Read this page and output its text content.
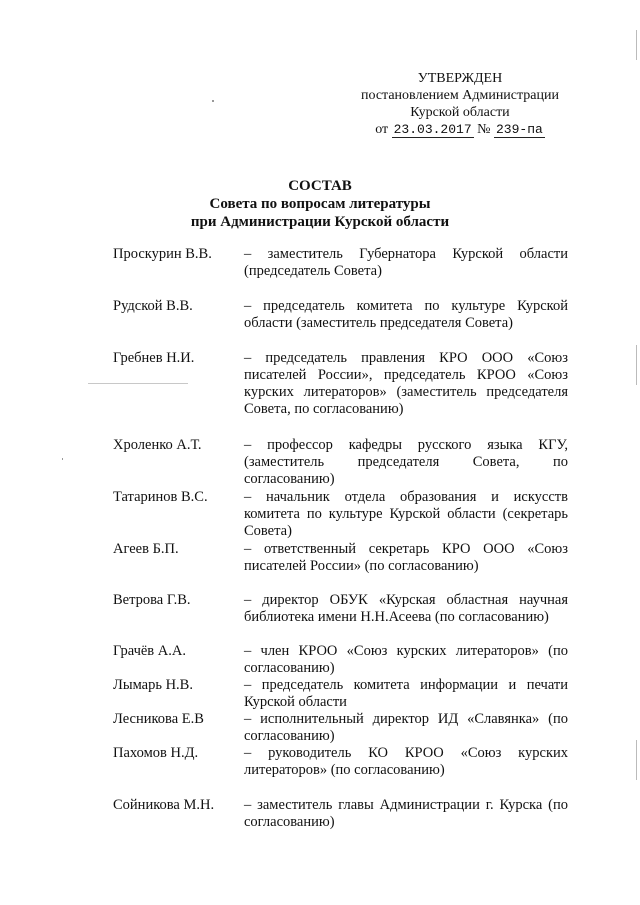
УТВЕРЖДЕН
постановлением Администрации
Курской области
от 23.03.2017 № 239-па
СОСТАВ
Совета по вопросам литературы
при Администрации Курской области
Проскурин В.В.	– заместитель Губернатора Курской области (председатель Совета)
Рудской В.В.	– председатель комитета по культуре Курской области (заместитель председателя Совета)
Гребнев Н.И.	– председатель правления КРО ООО «Союз писателей России», председатель КРОО «Союз курских литераторов» (заместитель председателя Совета, по согласованию)
Хроленко А.Т.	– профессор кафедры русского языка КГУ, (заместитель председателя Совета, по согласованию)
Татаринов В.С.	– начальник отдела образования и искусств комитета по культуре Курской области (секретарь Совета)
Агеев Б.П.	– ответственный секретарь КРО ООО «Союз писателей России» (по согласованию)
Ветрова Г.В.	– директор ОБУК «Курская областная научная библиотека имени Н.Н.Асеева (по согласованию)
Грачёв А.А.	– член КРОО «Союз курских литераторов» (по согласованию)
Лымарь Н.В.	– председатель комитета информации и печати Курской области
Лесникова Е.В	– исполнительный директор ИД «Славянка» (по согласованию)
Пахомов Н.Д.	– руководитель КО КРОО «Союз курских литераторов» (по согласованию)
Сойникова М.Н.	– заместитель главы Администрации г. Курска (по согласованию)
